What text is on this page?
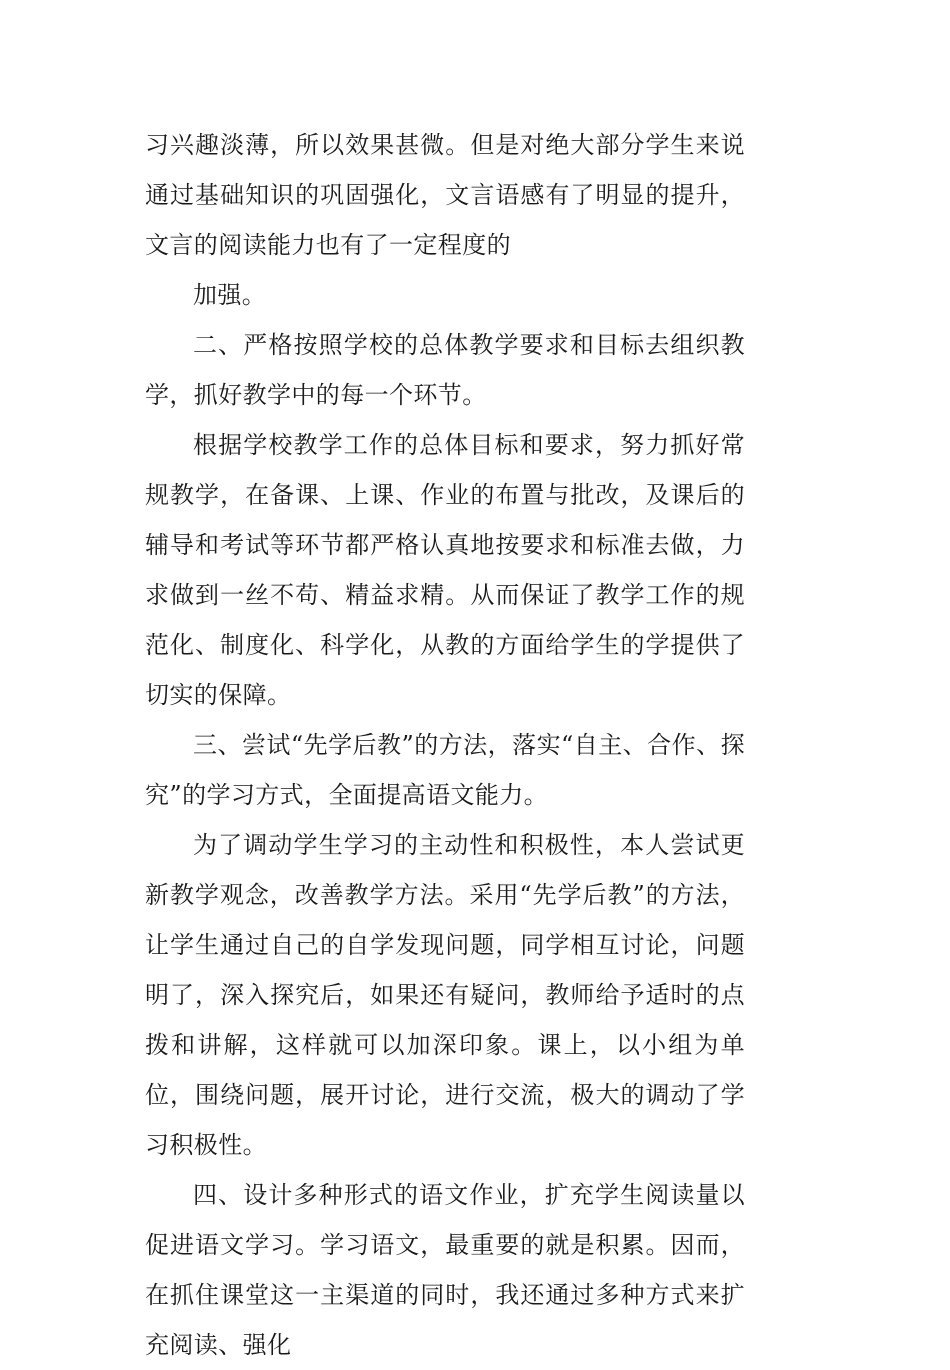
习兴趣淡薄，所以效果甚微。但是对绝大部分学生来说通过基础知识的巩固强化，文言语感有了明显的提升，文言的阅读能力也有了一定程度的

加强。

二、严格按照学校的总体教学要求和目标去组织教学，抓好教学中的每一个环节。

根据学校教学工作的总体目标和要求，努力抓好常规教学，在备课、上课、作业的布置与批改，及课后的辅导和考试等环节都严格认真地按要求和标准去做，力求做到一丝不苟、精益求精。从而保证了教学工作的规范化、制度化、科学化，从教的方面给学生的学提供了切实的保障。

三、尝试“先学后教”的方法，落实“自主、合作、探究”的学习方式，全面提高语文能力。

为了调动学生学习的主动性和积极性，本人尝试更新教学观念，改善教学方法。采用“先学后教”的方法，让学生通过自己的自学发现问题，同学相互讨论，问题明了，深入探究后，如果还有疑问，教师给予适时的点拨和讲解，这样就可以加深印象。课上，以小组为单位，围绕问题，展开讨论，进行交流，极大的调动了学习积极性。

四、设计多种形式的语文作业，扩充学生阅读量以促进语文学习。学习语文，最重要的就是积累。因而，在抓住课堂这一主渠道的同时，我还通过多种方式来扩充阅读、强化
